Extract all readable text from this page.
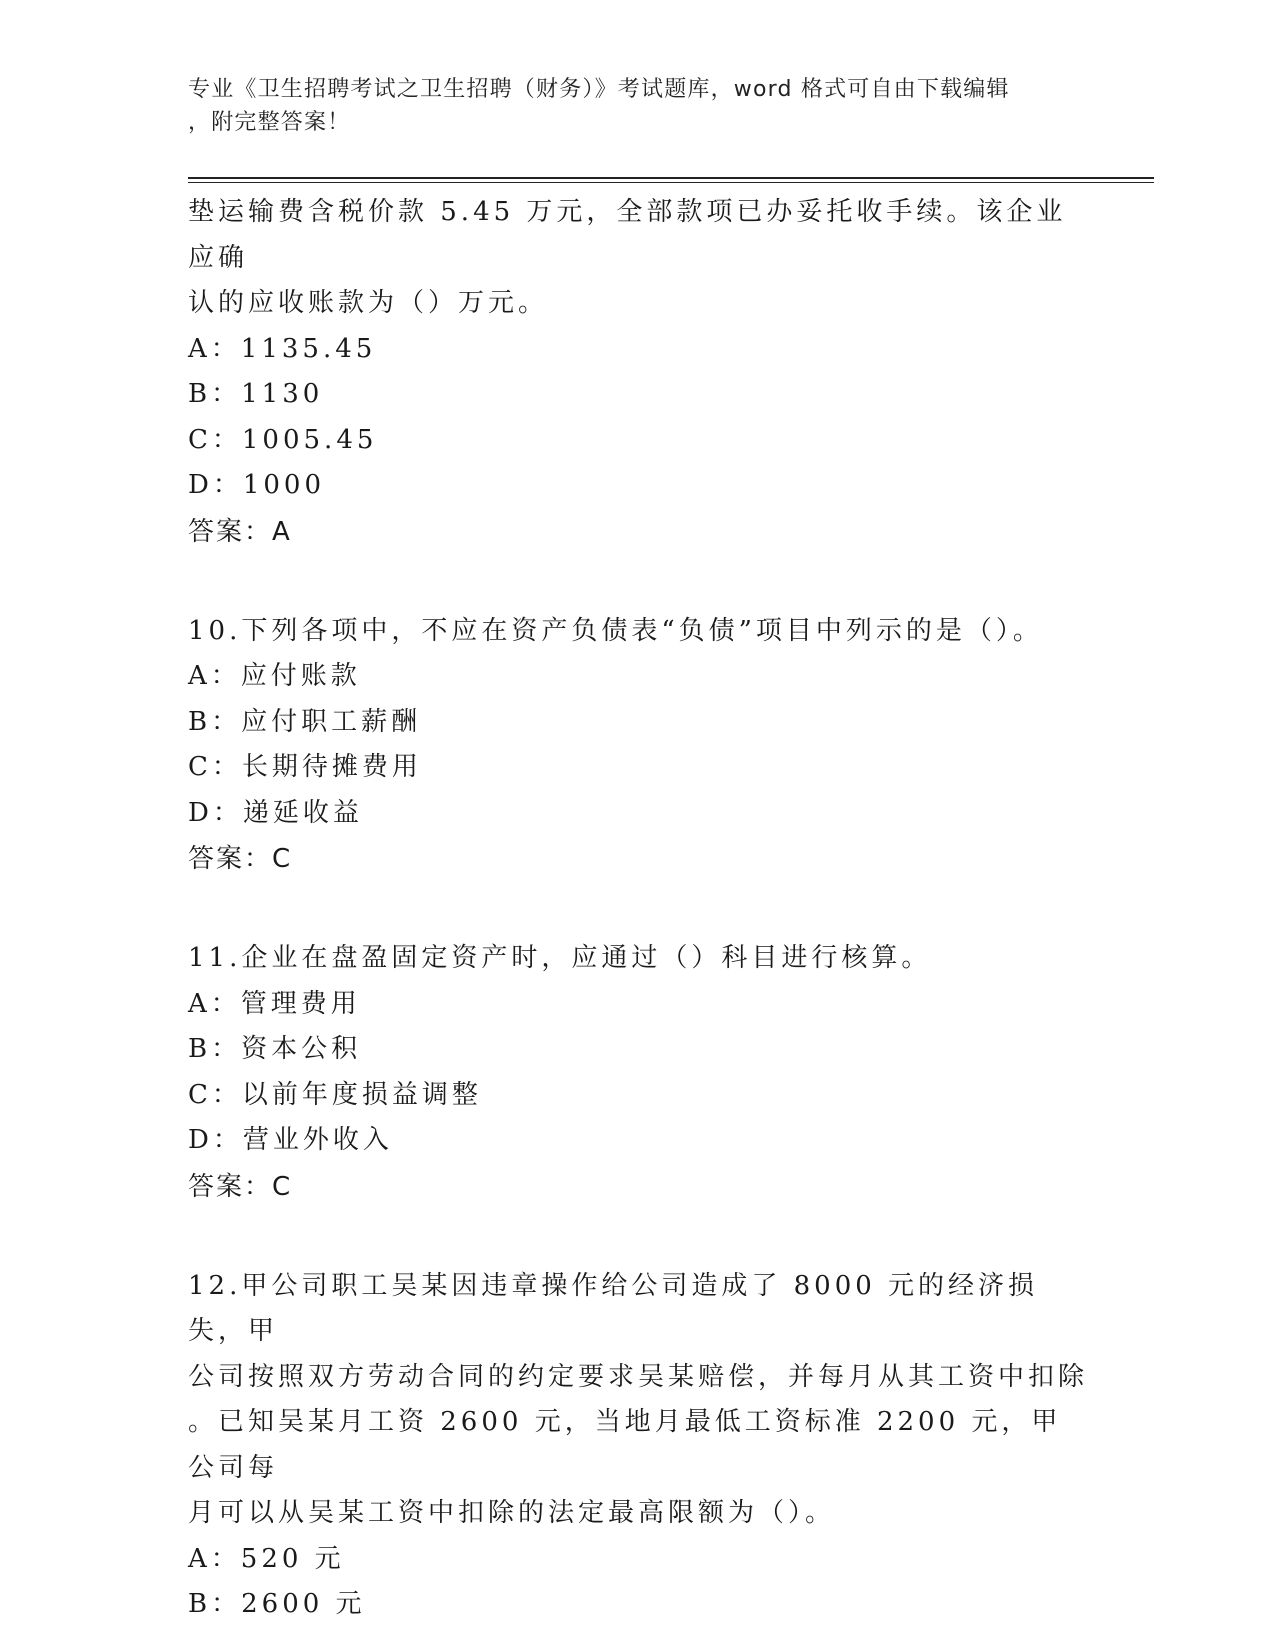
专业《卫生招聘考试之卫生招聘（财务）》考试题库，word 格式可自由下载编辑
，附完整答案！

垫运输费含税价款 5.45 万元，全部款项已办妥托收手续。该企业应确

认的应收账款为（）万元。

A：1135.45

B：1130

C：1005.45

D：1000

答案：A

10.下列各项中，不应在资产负债表“负债”项目中列示的是（）。

A：应付账款

B：应付职工薪酬

C：长期待摊费用

D：递延收益

答案：C

11.企业在盘盈固定资产时，应通过（）科目进行核算。

A：管理费用

B：资本公积

C：以前年度损益调整

D：营业外收入

答案：C

12.甲公司职工吴某因违章操作给公司造成了 8000 元的经济损失，甲

公司按照双方劳动合同的约定要求吴某赔偿，并每月从其工资中扣除

。已知吴某月工资 2600 元，当地月最低工资标准 2200 元，甲公司每

月可以从吴某工资中扣除的法定最高限额为（）。

A：520 元

B：2600 元
